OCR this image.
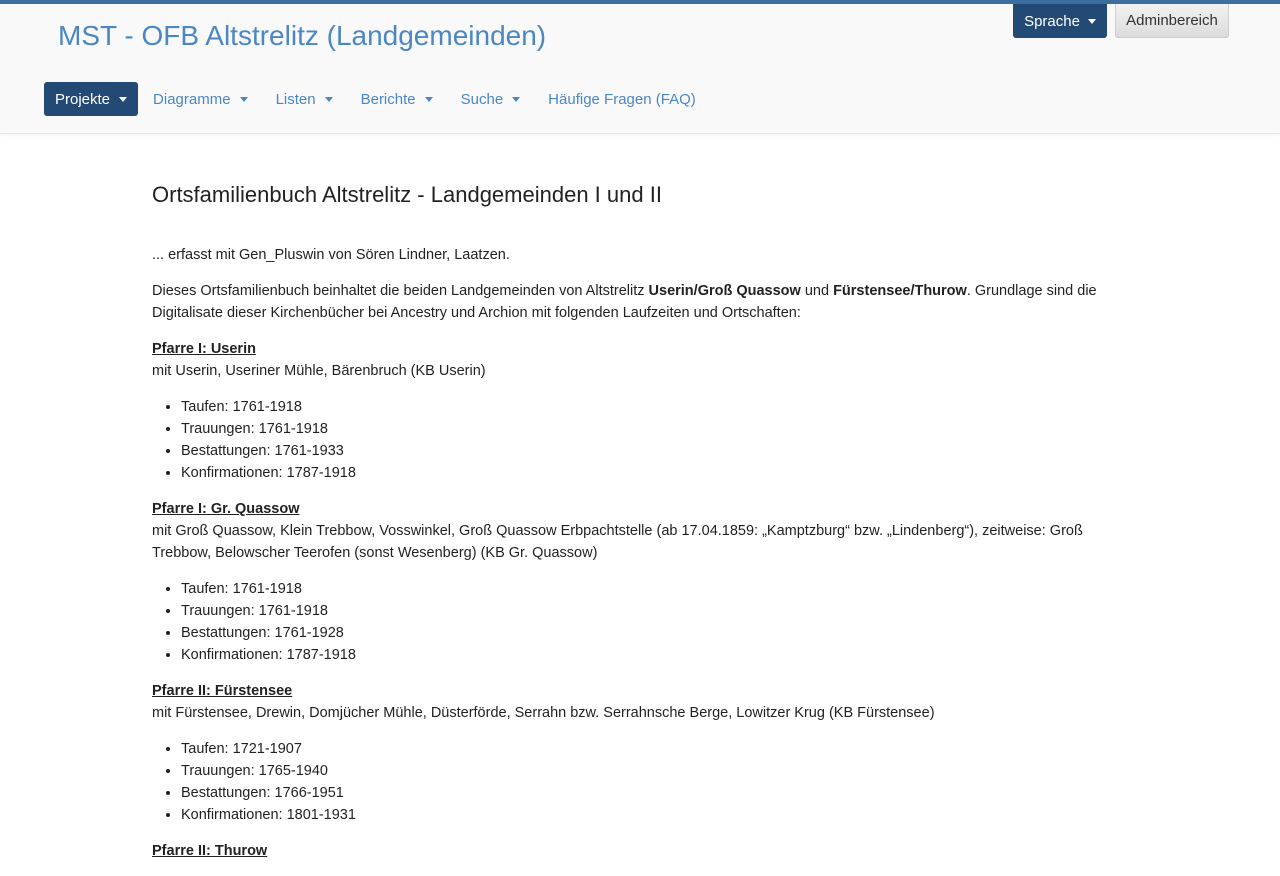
MST - OFB Altstrelitz (Landgemeinden)	Sprache	Adminbereich
Projekte	Diagramme	Listen	Berichte	Suche	Häufige Fragen (FAQ)
Ortsfamilienbuch Altstrelitz - Landgemeinden I und II

... erfasst mit Gen_Pluswin von Sören Lindner, Laatzen.

Dieses Ortsfamilienbuch beinhaltet die beiden Landgemeinden von Altstrelitz Userin/Groß Quassow und Fürstensee/Thurow. Grundlage sind die Digitalisate dieser Kirchenbücher bei Ancestry und Archion mit folgenden Laufzeiten und Ortschaften:

Pfarre I: Userin
mit Userin, Useriner Mühle, Bärenbruch (KB Userin)
• Taufen: 1761-1918
• Trauungen: 1761-1918
• Bestattungen: 1761-1933
• Konfirmationen: 1787-1918
Pfarre I: Gr. Quassow
mit Groß Quassow, Klein Trebbow, Vosswinkel, Groß Quassow Erbpachtstelle (ab 17.04.1859: „Kamptzburg“ bzw. „Lindenberg“), zeitweise: Groß Trebbow, Belowscher Teerofen (sonst Wesenberg) (KB Gr. Quassow)
• Taufen: 1761-1918
• Trauungen: 1761-1918
• Bestattungen: 1761-1928
• Konfirmationen: 1787-1918
Pfarre II: Fürstensee
mit Fürstensee, Drewin, Domjücher Mühle, Düsterförde, Serrahn bzw. Serrahnsche Berge, Lowitzer Krug (KB Fürstensee)
• Taufen: 1721-1907
• Trauungen: 1765-1940
• Bestattungen: 1766-1951
• Konfirmationen: 1801-1931
Pfarre II: Thurow
